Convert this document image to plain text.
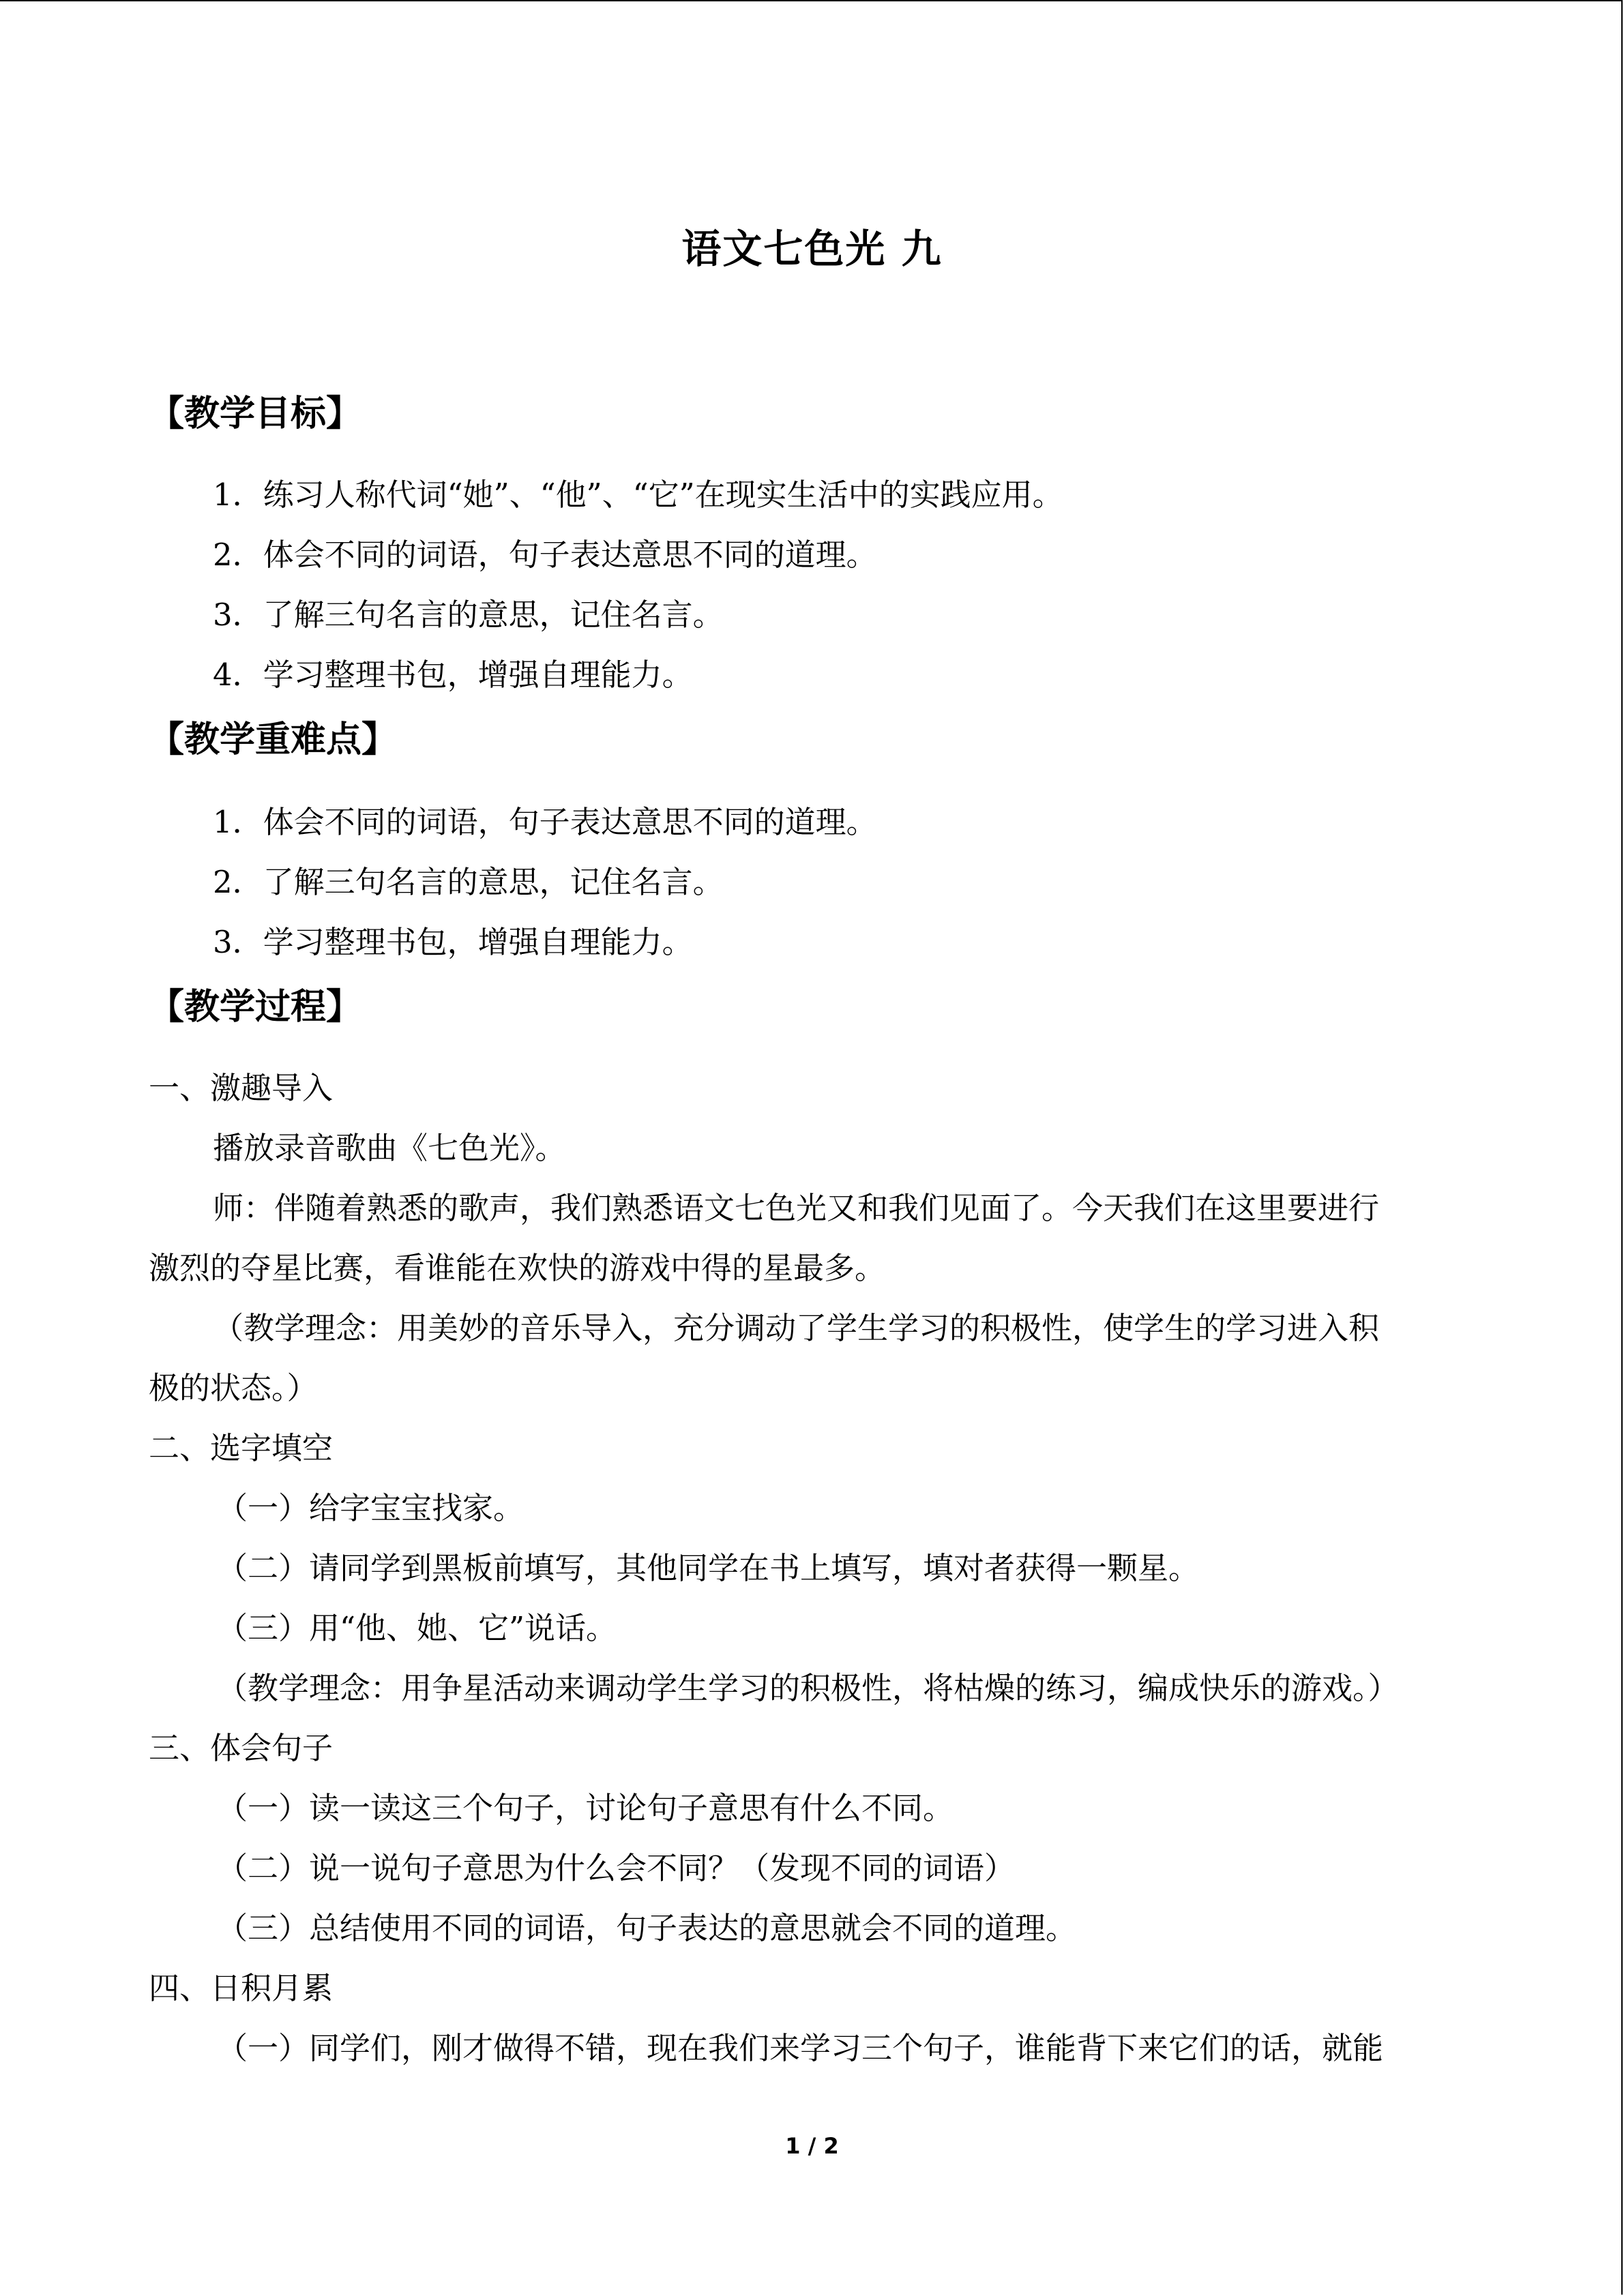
语文七色光 九
【教学目标】
1．练习人称代词“她”、“他”、“它”在现实生活中的实践应用。
2．体会不同的词语，句子表达意思不同的道理。
3．了解三句名言的意思，记住名言。
4．学习整理书包，增强自理能力。
【教学重难点】
1．体会不同的词语，句子表达意思不同的道理。
2．了解三句名言的意思，记住名言。
3．学习整理书包，增强自理能力。
【教学过程】
一、激趣导入
播放录音歌曲《七色光》。
师：伴随着熟悉的歌声，我们熟悉语文七色光又和我们见面了。今天我们在这里要进行
激烈的夺星比赛，看谁能在欢快的游戏中得的星最多。
（教学理念：用美妙的音乐导入，充分调动了学生学习的积极性，使学生的学习进入积
极的状态。）
二、选字填空
（一）给字宝宝找家。
（二）请同学到黑板前填写，其他同学在书上填写，填对者获得一颗星。
（三）用“他、她、它”说话。
（教学理念：用争星活动来调动学生学习的积极性，将枯燥的练习，编成快乐的游戏。）
三、体会句子
（一）读一读这三个句子，讨论句子意思有什么不同。
（二）说一说句子意思为什么会不同？（发现不同的词语）
（三）总结使用不同的词语，句子表达的意思就会不同的道理。
四、日积月累
（一）同学们，刚才做得不错，现在我们来学习三个句子，谁能背下来它们的话，就能
1 / 2
